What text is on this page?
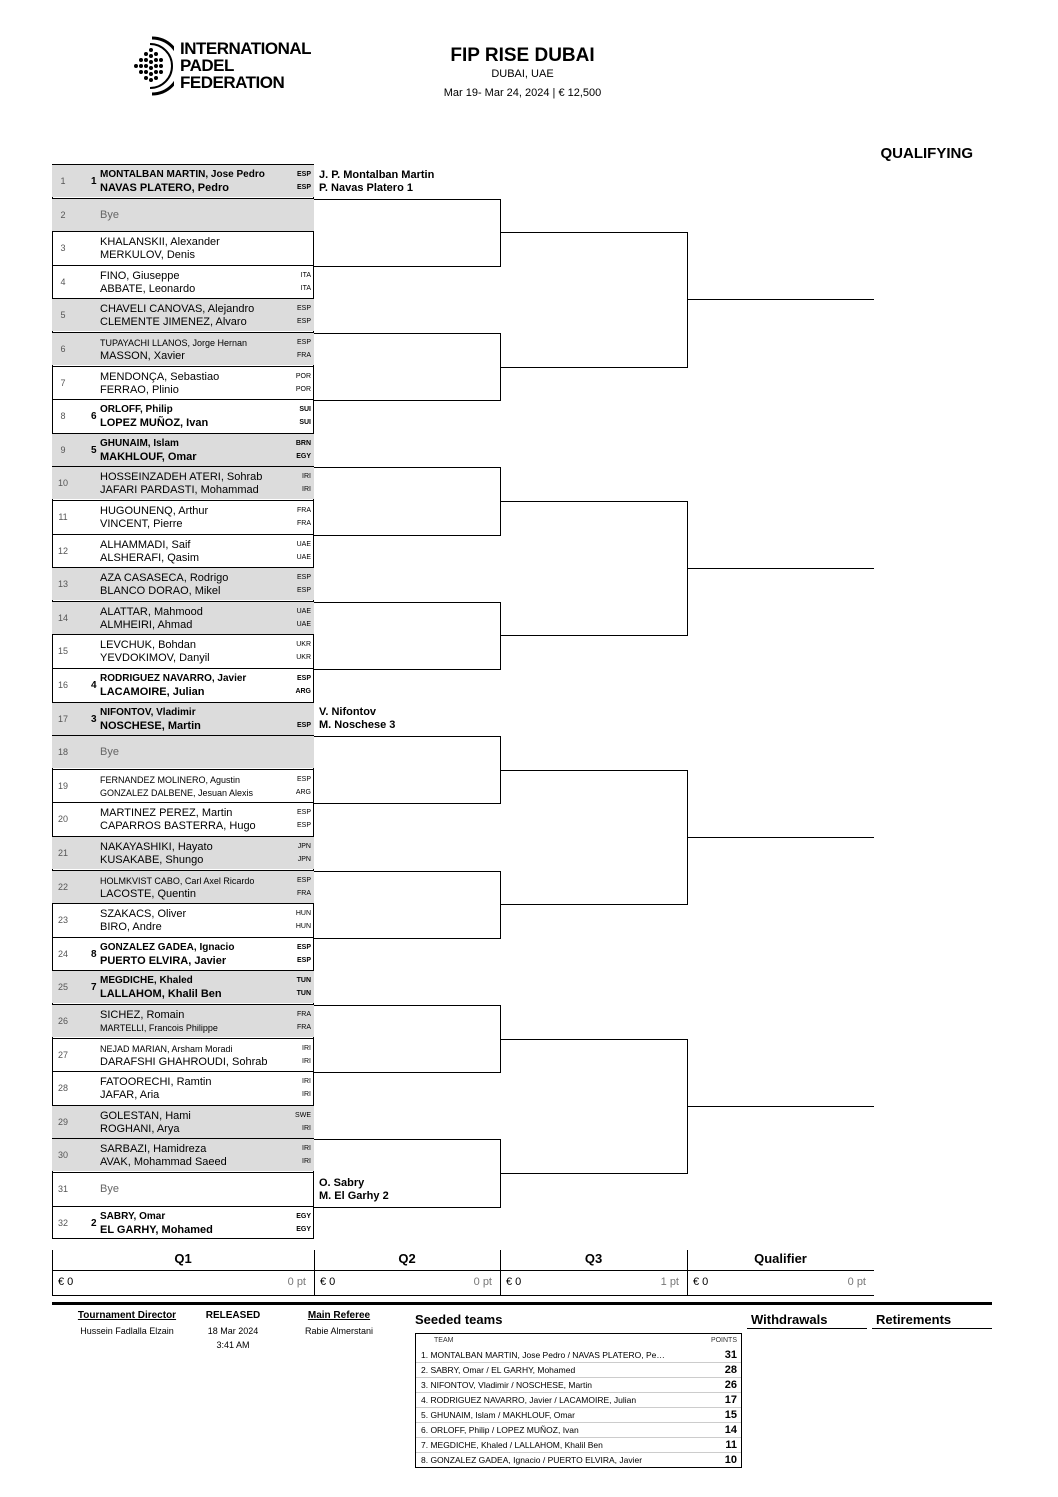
INTERNATIONAL
PADEL
FEDERATION
FIP RISE DUBAI
DUBAI, UAE
Mar 19- Mar 24, 2024 | € 12,500
QUALIFYING
1	1
MONTALBAN MARTIN, Jose Pedro	ESP
NAVAS PLATERO, Pedro	ESP
2	Bye
3	KHALANSKII, Alexander
MERKULOV, Denis
4	FINO, Giuseppe	ITA
ABBATE, Leonardo	ITA
5	CHAVELI CANOVAS, Alejandro	ESP
CLEMENTE JIMENEZ, Alvaro	ESP
6
TUPAYACHI LLANOS, Jorge Hernan	ESP
MASSON, Xavier	FRA
7	MENDONÇA, Sebastiao	POR
FERRAO, Plinio	POR
8	6
ORLOFF, Philip	SUI
LOPEZ MUÑOZ, Ivan	SUI
9	5
GHUNAIM, Islam	BRN
MAKHLOUF, Omar	EGY
10	HOSSEINZADEH ATERI, Sohrab	IRI
JAFARI PARDASTI, Mohammad	IRI
11	HUGOUNENQ, Arthur	FRA
VINCENT, Pierre	FRA
12	ALHAMMADI, Saif	UAE
ALSHERAFI, Qasim	UAE
13	AZA CASASECA, Rodrigo	ESP
BLANCO DORAO, Mikel	ESP
14	ALATTAR, Mahmood	UAE
ALMHEIRI, Ahmad	UAE
15	LEVCHUK, Bohdan	UKR
YEVDOKIMOV, Danyil	UKR
16	4
RODRIGUEZ NAVARRO, Javier	ESP
LACAMOIRE, Julian	ARG
17	3
NIFONTOV, Vladimir
NOSCHESE, Martin	ESP
18	Bye
19
FERNANDEZ MOLINERO, Agustin	ESP
GONZALEZ DALBENE, Jesuan Alexis	ARG
20	MARTINEZ PEREZ, Martin	ESP
CAPARROS BASTERRA, Hugo	ESP
21	NAKAYASHIKI, Hayato	JPN
KUSAKABE, Shungo	JPN
22
HOLMKVIST CABO, Carl Axel Ricardo	ESP
LACOSTE, Quentin	FRA
23	SZAKACS, Oliver	HUN
BIRO, Andre	HUN
24	8
GONZALEZ GADEA, Ignacio	ESP
PUERTO ELVIRA, Javier	ESP
25	7
MEGDICHE, Khaled	TUN
LALLAHOM, Khalil Ben	TUN
26	SICHEZ, Romain	FRA
MARTELLI, Francois Philippe	FRA
27
NEJAD MARIAN, Arsham Moradi	IRI
DARAFSHI GHAHROUDI, Sohrab	IRI
28	FATOORECHI, Ramtin	IRI
JAFAR, Aria	IRI
29	GOLESTAN, Hami	SWE
ROGHANI, Arya	IRI
30	SARBAZI, Hamidreza	IRI
AVAK, Mohammad Saeed	IRI
31	Bye
32	2
SABRY, Omar	EGY
EL GARHY, Mohamed	EGY
J. P. Montalban Martin
P. Navas Platero 1
V. Nifontov
M. Noschese 3
O. Sabry
M. El Garhy 2
Q1	Q2	Q3	Qualifier
€ 0	0 pt € 0	0 pt € 0	1 pt € 0	0 pt
Tournament Director
Hussein Fadlalla Elzain
RELEASED
18 Mar 2024
3:41 AM
Main Referee
Rabie Almerstani
Seeded teams	Withdrawals	Retirements
TEAM	POINTS
1. MONTALBAN MARTIN, Jose Pedro / NAVAS PLATERO, Pe…	31
2. SABRY, Omar / EL GARHY, Mohamed	28
3. NIFONTOV, Vladimir / NOSCHESE, Martin	26
4. RODRIGUEZ NAVARRO, Javier / LACAMOIRE, Julian	17
5. GHUNAIM, Islam / MAKHLOUF, Omar	15
6. ORLOFF, Philip / LOPEZ MUÑOZ, Ivan	14
7. MEGDICHE, Khaled / LALLAHOM, Khalil Ben	11
8. GONZALEZ GADEA, Ignacio / PUERTO ELVIRA, Javier	10
